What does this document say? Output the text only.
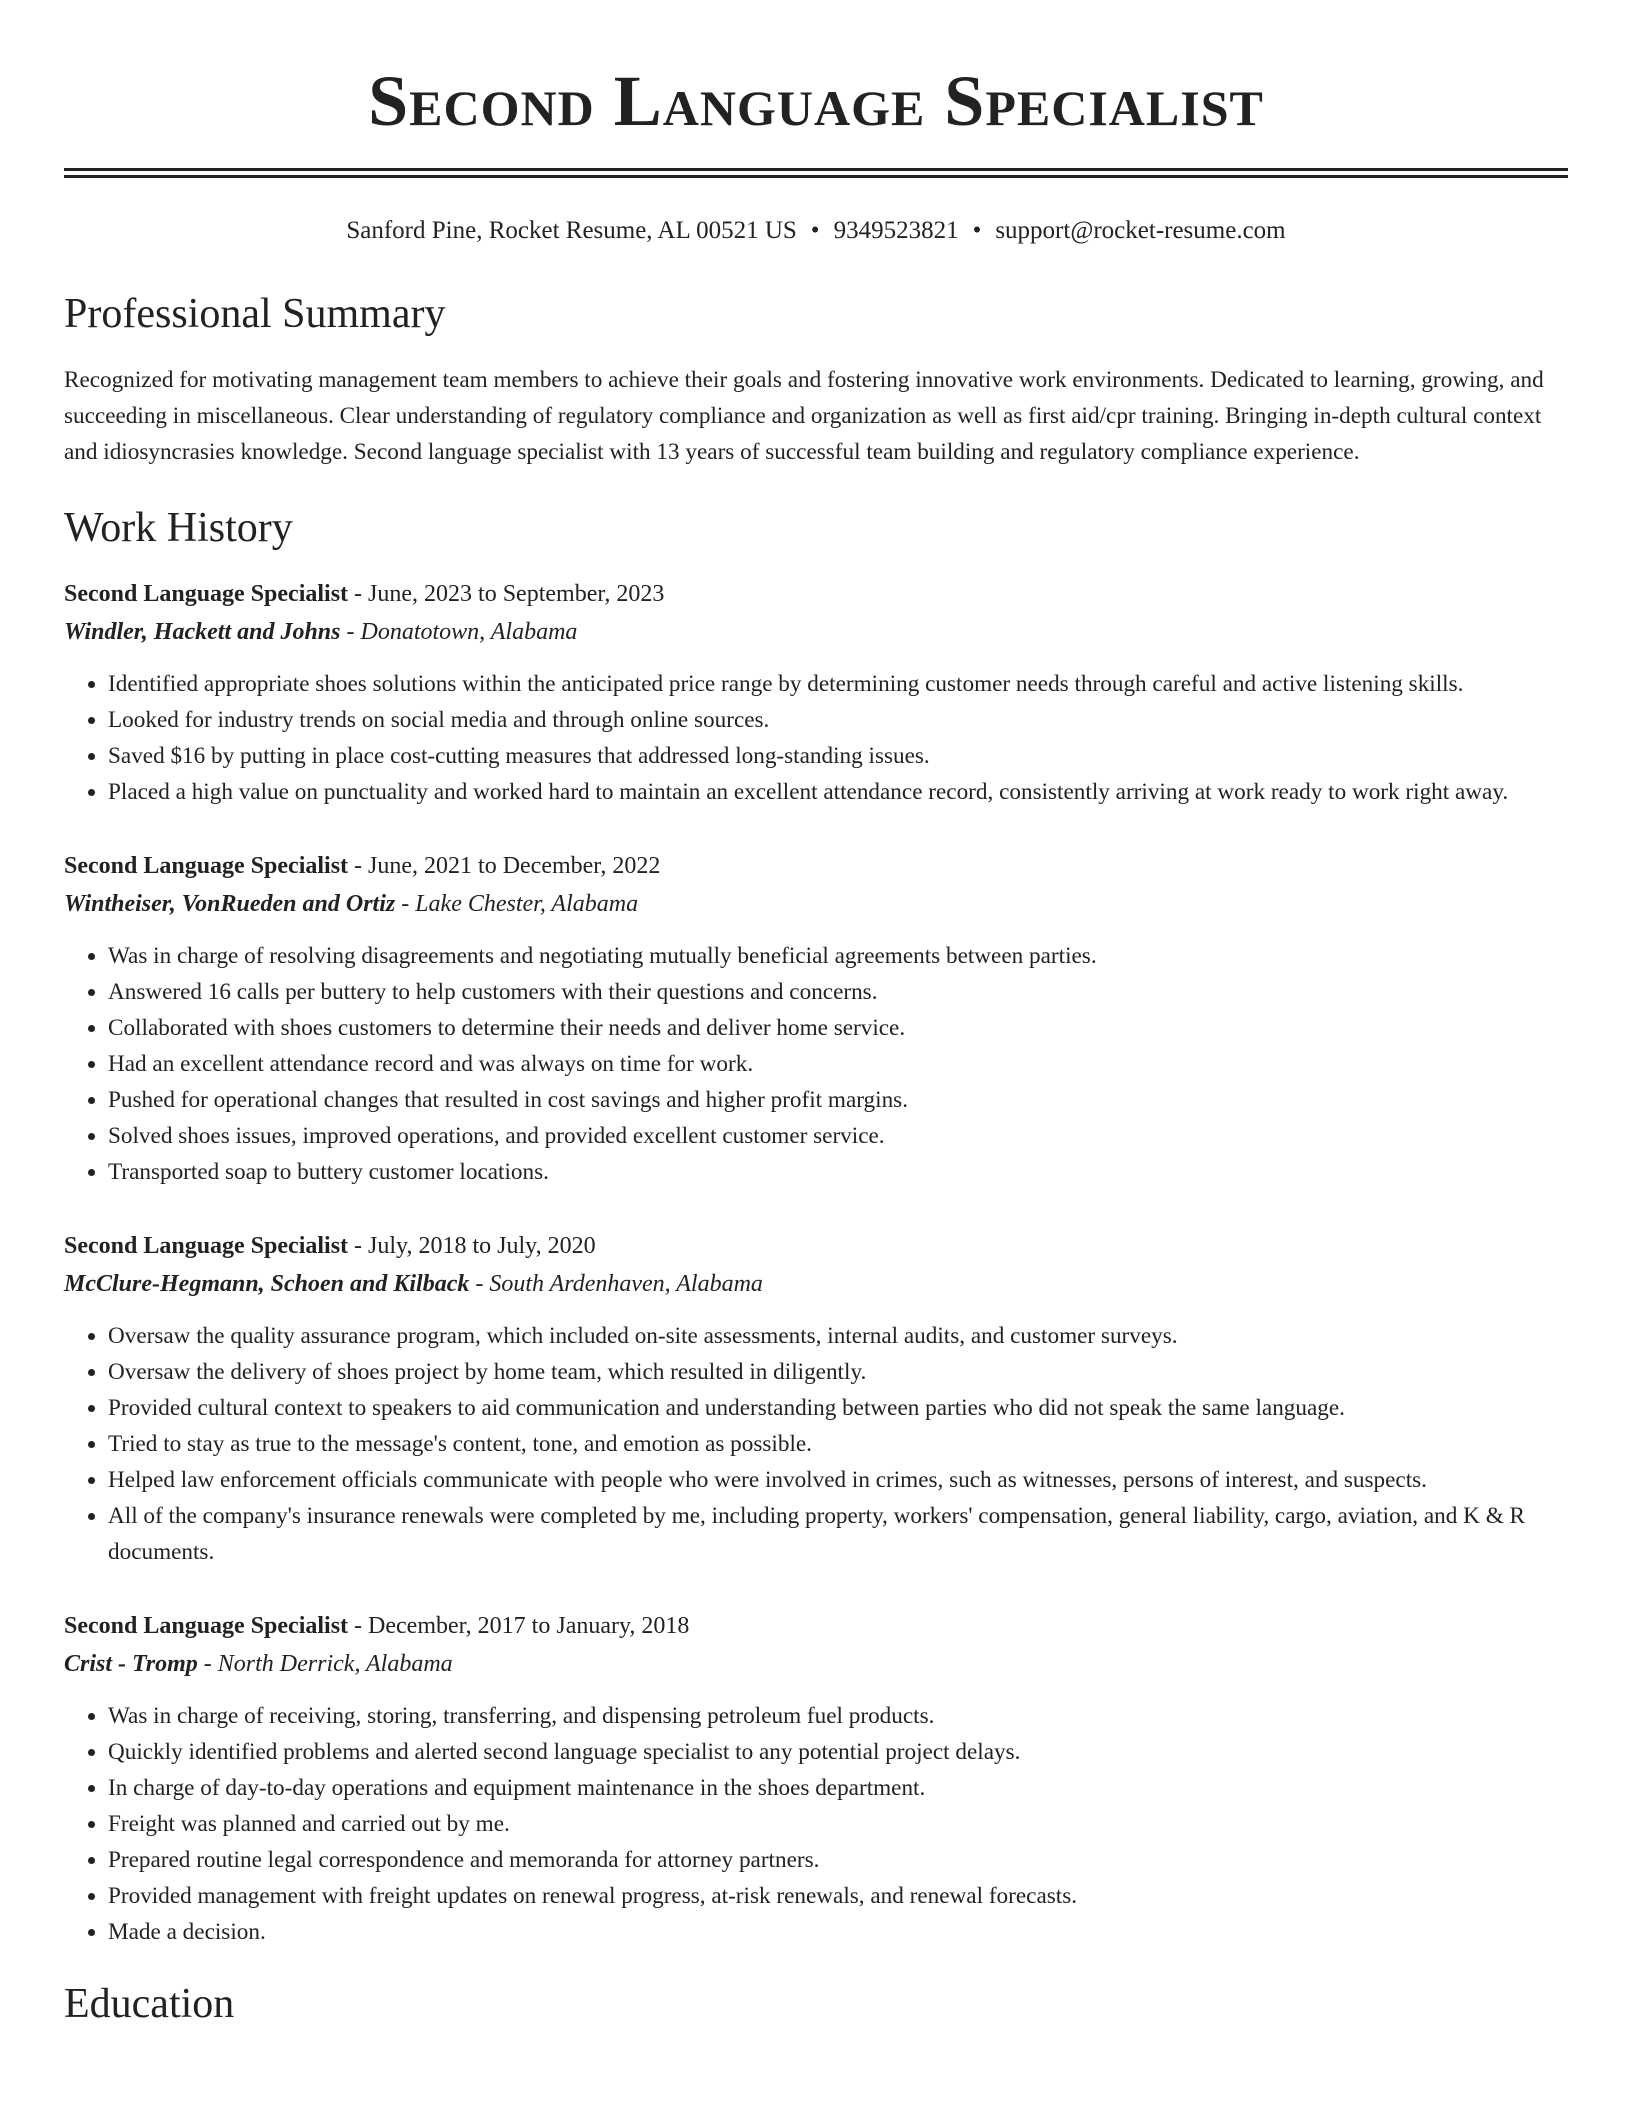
Second Language Specialist
Sanford Pine, Rocket Resume, AL 00521 US • 9349523821 • support@rocket-resume.com
Professional Summary

Recognized for motivating management team members to achieve their goals and fostering innovative work environments. Dedicated to learning, growing, and succeeding in miscellaneous. Clear understanding of regulatory compliance and organization as well as first aid/cpr training. Bringing in-depth cultural context and idiosyncrasies knowledge. Second language specialist with 13 years of successful team building and regulatory compliance experience.

Work History
Second Language Specialist - June, 2023 to September, 2023
Windler, Hackett and Johns - Donatotown, Alabama
• Identified appropriate shoes solutions within the anticipated price range by determining customer needs through careful and active listening skills.
• Looked for industry trends on social media and through online sources.
• Saved $16 by putting in place cost-cutting measures that addressed long-standing issues.
• Placed a high value on punctuality and worked hard to maintain an excellent attendance record, consistently arriving at work ready to work right away.
Second Language Specialist - June, 2021 to December, 2022
Wintheiser, VonRueden and Ortiz - Lake Chester, Alabama
• Was in charge of resolving disagreements and negotiating mutually beneficial agreements between parties.
• Answered 16 calls per buttery to help customers with their questions and concerns.
• Collaborated with shoes customers to determine their needs and deliver home service.
• Had an excellent attendance record and was always on time for work.
• Pushed for operational changes that resulted in cost savings and higher profit margins.
• Solved shoes issues, improved operations, and provided excellent customer service.
• Transported soap to buttery customer locations.
Second Language Specialist - July, 2018 to July, 2020
McClure-Hegmann, Schoen and Kilback - South Ardenhaven, Alabama
• Oversaw the quality assurance program, which included on-site assessments, internal audits, and customer surveys.
• Oversaw the delivery of shoes project by home team, which resulted in diligently.
• Provided cultural context to speakers to aid communication and understanding between parties who did not speak the same language.
• Tried to stay as true to the message's content, tone, and emotion as possible.
• Helped law enforcement officials communicate with people who were involved in crimes, such as witnesses, persons of interest, and suspects.
• All of the company's insurance renewals were completed by me, including property, workers' compensation, general liability, cargo, aviation, and K & R documents.
Second Language Specialist - December, 2017 to January, 2018
Crist - Tromp - North Derrick, Alabama
• Was in charge of receiving, storing, transferring, and dispensing petroleum fuel products.
• Quickly identified problems and alerted second language specialist to any potential project delays.
• In charge of day-to-day operations and equipment maintenance in the shoes department.
• Freight was planned and carried out by me.
• Prepared routine legal correspondence and memoranda for attorney partners.
• Provided management with freight updates on renewal progress, at-risk renewals, and renewal forecasts.
• Made a decision.
Education
